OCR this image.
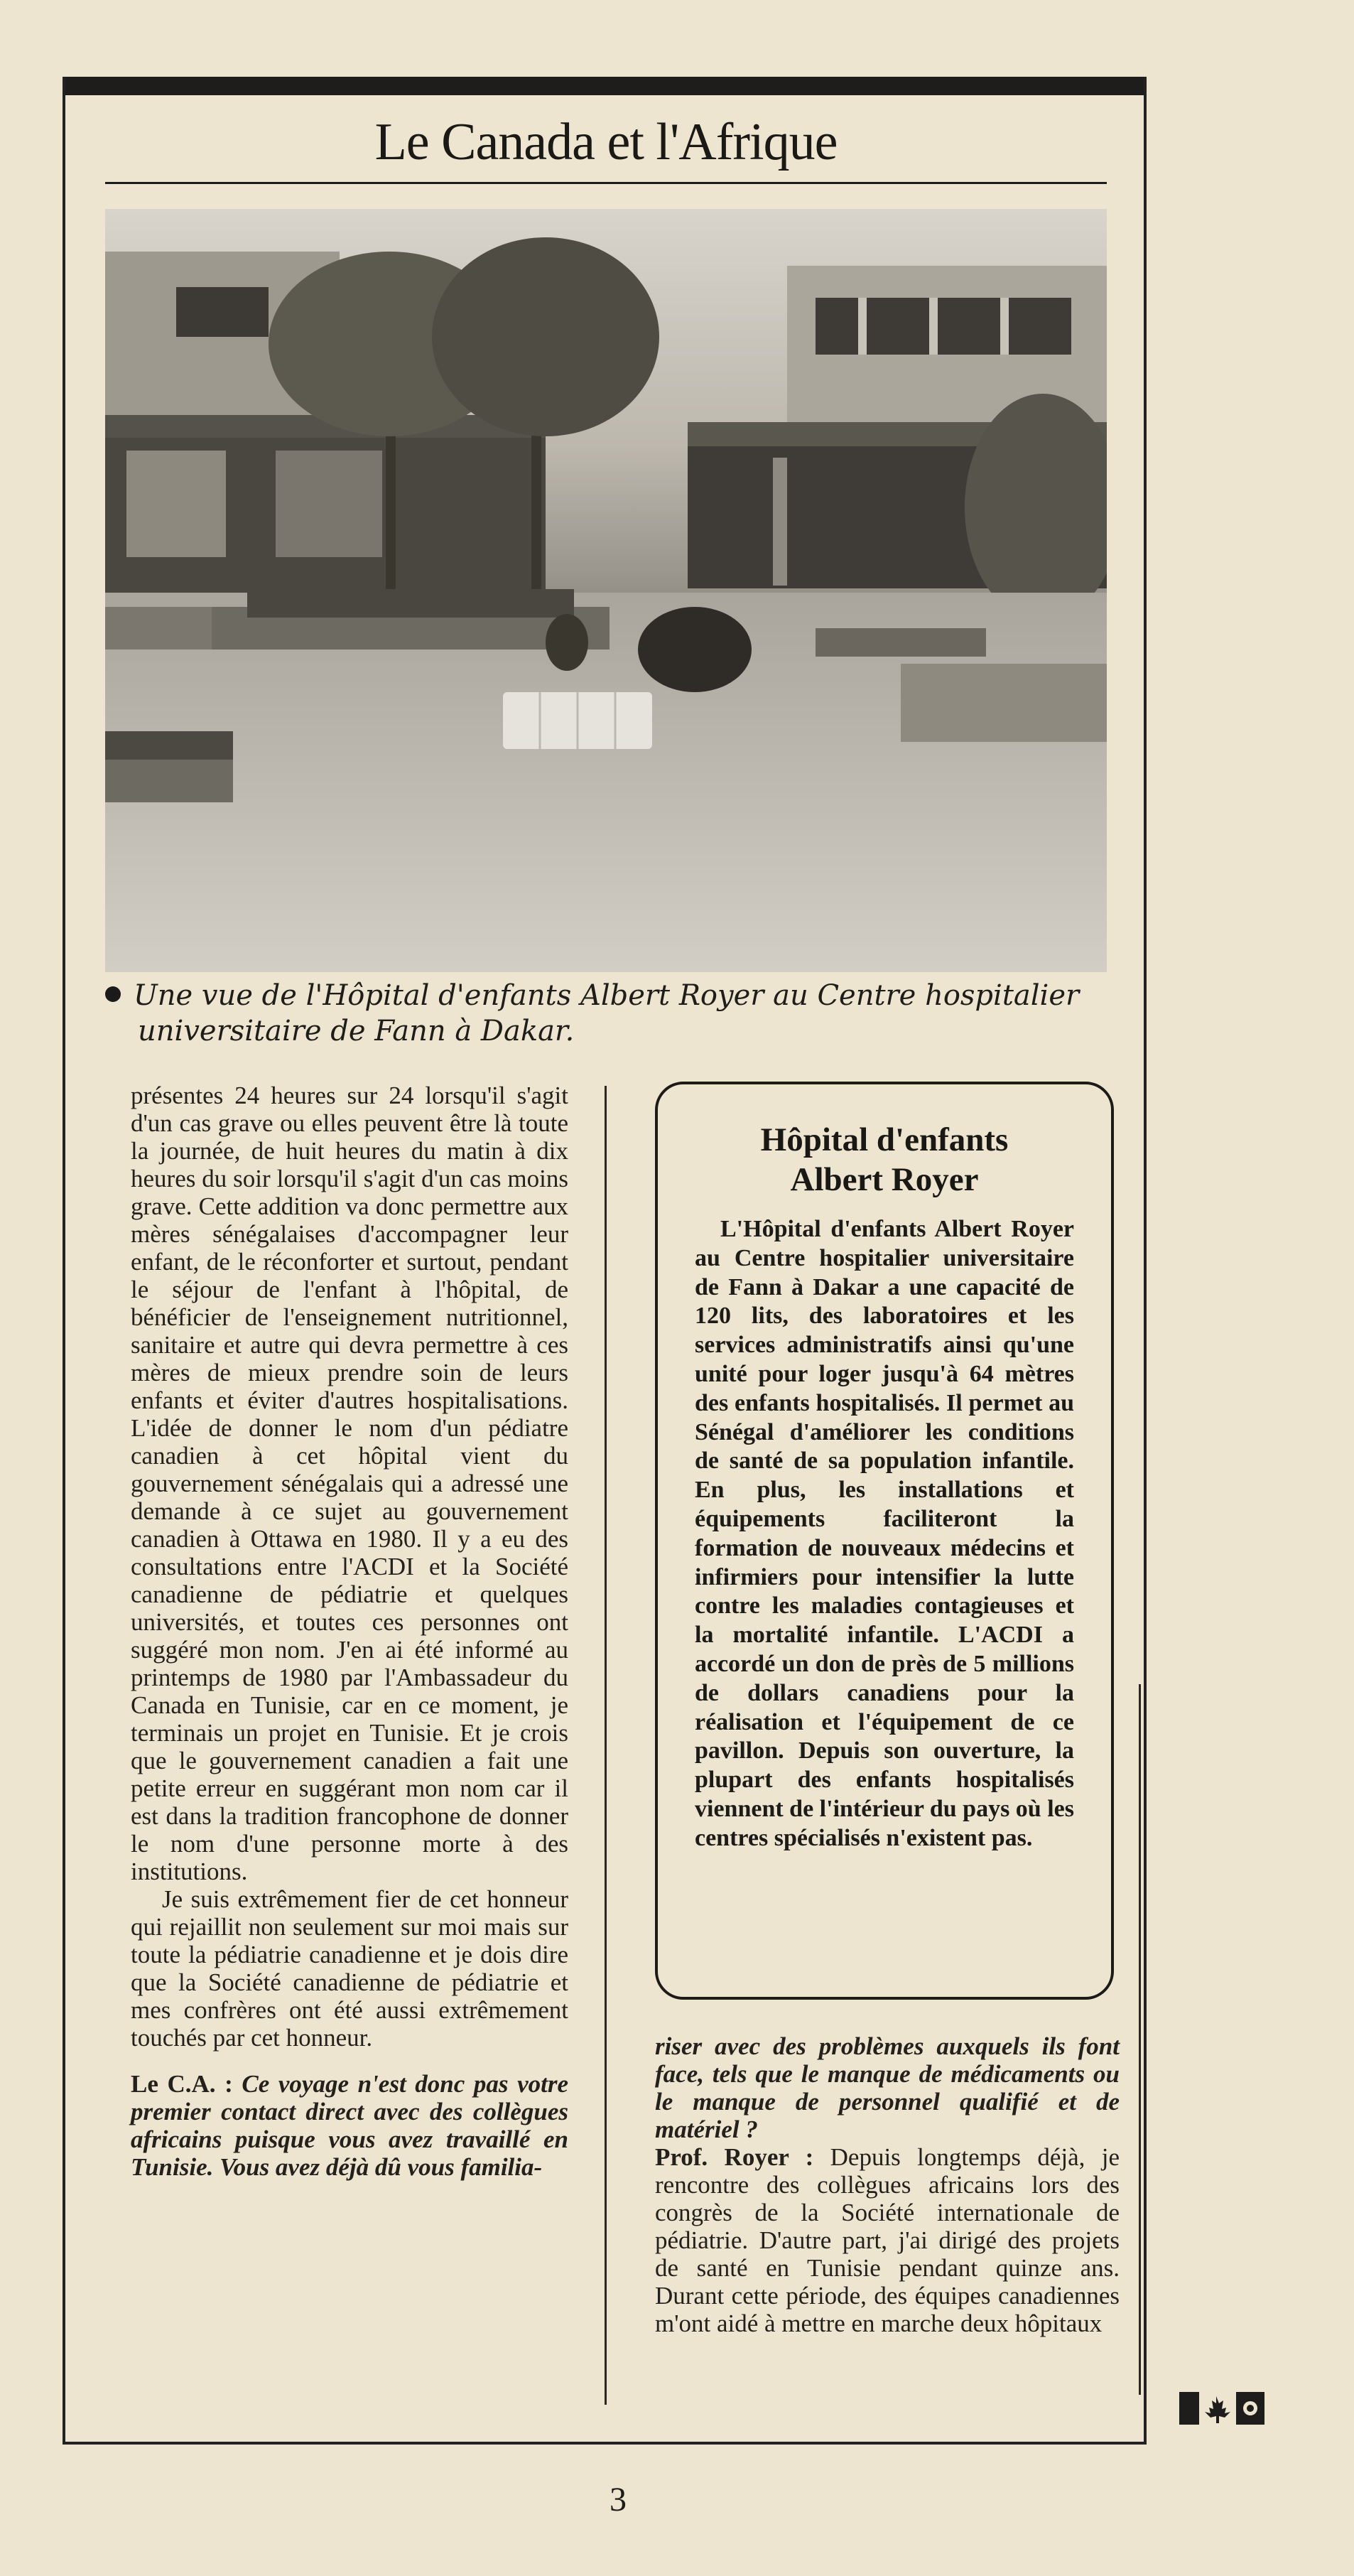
Le Canada et l'Afrique
Une vue de l'Hôpital d'enfants Albert Royer au Centre hospitalier
universitaire de Fann à Dakar.

présentes 24 heures sur 24 lorsqu'il s'agit d'un cas grave ou elles peuvent être là toute la journée, de huit heures du matin à dix heures du soir lorsqu'il s'agit d'un cas moins grave. Cette addition va donc permettre aux mères sénégalaises d'accompagner leur enfant, de le réconforter et surtout, pendant le séjour de l'enfant à l'hôpital, de bénéficier de l'enseignement nutritionnel, sanitaire et autre qui devra permettre à ces mères de mieux prendre soin de leurs enfants et éviter d'autres hospitalisations. L'idée de donner le nom d'un pédiatre canadien à cet hôpital vient du gouvernement sénégalais qui a adressé une demande à ce sujet au gouvernement canadien à Ottawa en 1980. Il y a eu des consultations entre l'ACDI et la Société canadienne de pédiatrie et quelques universités, et toutes ces personnes ont suggéré mon nom. J'en ai été informé au printemps de 1980 par l'Ambassadeur du Canada en Tunisie, car en ce moment, je terminais un projet en Tunisie. Et je crois que le gouvernement canadien a fait une petite erreur en suggérant mon nom car il est dans la tradition francophone de donner le nom d'une personne morte à des institutions.

Je suis extrêmement fier de cet honneur qui rejaillit non seulement sur moi mais sur toute la pédiatrie canadienne et je dois dire que la Société canadienne de pédiatrie et mes confrères ont été aussi extrêmement touchés par cet honneur.

Le C.A. : Ce voyage n'est donc pas votre premier contact direct avec des collègues africains puisque vous avez travaillé en Tunisie. Vous avez déjà dû vous familia-

Hôpital d'enfants
Albert Royer
L'Hôpital d'enfants Albert Royer au Centre hospitalier universitaire de Fann à Dakar a une capacité de 120 lits, des laboratoires et les services administratifs ainsi qu'une unité pour loger jusqu'à 64 mètres des enfants hospitalisés. Il permet au Sénégal d'améliorer les conditions de santé de sa population infantile. En plus, les installations et équipements faciliteront la formation de nouveaux médecins et infirmiers pour intensifier la lutte contre les maladies contagieuses et la mortalité infantile. L'ACDI a accordé un don de près de 5 millions de dollars canadiens pour la réalisation et l'équipement de ce pavillon. Depuis son ouverture, la plupart des enfants hospitalisés viennent de l'intérieur du pays où les centres spécialisés n'existent pas.

riser avec des problèmes auxquels ils font face, tels que le manque de médicaments ou le manque de personnel qualifié et de matériel ?

Prof. Royer : Depuis longtemps déjà, je rencontre des collègues africains lors des congrès de la Société internationale de pédiatrie. D'autre part, j'ai dirigé des projets de santé en Tunisie pendant quinze ans. Durant cette période, des équipes canadiennes m'ont aidé à mettre en marche deux hôpitaux

3
